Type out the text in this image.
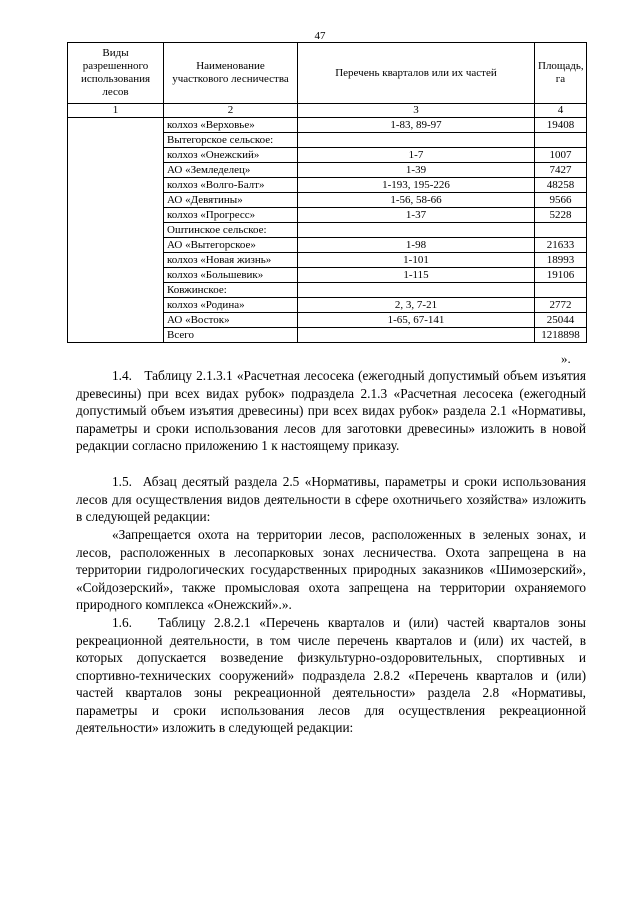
47
Виды разрешенного использования лесов	Наименование участкового лесничества	Перечень кварталов или их частей	Площадь, га
1	2	3	4
	колхоз «Верховье»	1-83, 89-97	19408
	Вытегорское сельское:		
	колхоз «Онежский»	1-7	1007
	АО «Земледелец»	1-39	7427
	колхоз «Волго-Балт»	1-193, 195-226	48258
	АО «Девятины»	1-56, 58-66	9566
	колхоз «Прогресс»	1-37	5228
	Оштинское сельское:		
	АО «Вытегорское»	1-98	21633
	колхоз «Новая жизнь»	1-101	18993
	колхоз «Большевик»	1-115	19106
	Ковжинское:		
	колхоз «Родина»	2, 3, 7-21	2772
	АО «Восток»	1-65, 67-141	25044
	Всего		1218898
».

1.4.   Таблицу 2.1.3.1 «Расчетная лесосека (ежегодный допустимый объем изъятия древесины) при всех видах рубок» подраздела 2.1.3 «Расчетная лесосека (ежегодный допустимый объем изъятия древесины) при всех видах рубок» раздела 2.1 «Нормативы, параметры и сроки использования лесов для заготовки древесины» изложить в новой редакции согласно приложению 1 к настоящему приказу.

1.5.  Абзац десятый раздела 2.5 «Нормативы, параметры и сроки использования лесов для осуществления видов деятельности в сфере охотничьего хозяйства» изложить в следующей редакции:

«Запрещается охота на территории лесов, расположенных в зеленых зонах, и лесов, расположенных в лесопарковых зонах лесничества. Охота запрещена в на территории гидрологических государственных природных заказников «Шимозерский», «Сойдозерский», также промысловая охота запрещена на территории охраняемого природного комплекса «Онежский».».

1.6.   Таблицу 2.8.2.1 «Перечень кварталов и (или) частей кварталов зоны рекреационной деятельности, в том числе перечень кварталов и (или) их частей, в которых допускается возведение физкультурно-оздоровительных, спортивных и спортивно-технических сооружений» подраздела 2.8.2 «Перечень кварталов и (или) частей кварталов зоны рекреационной деятельности» раздела 2.8 «Нормативы, параметры и сроки использования лесов для осуществления рекреационной деятельности» изложить в следующей редакции:
